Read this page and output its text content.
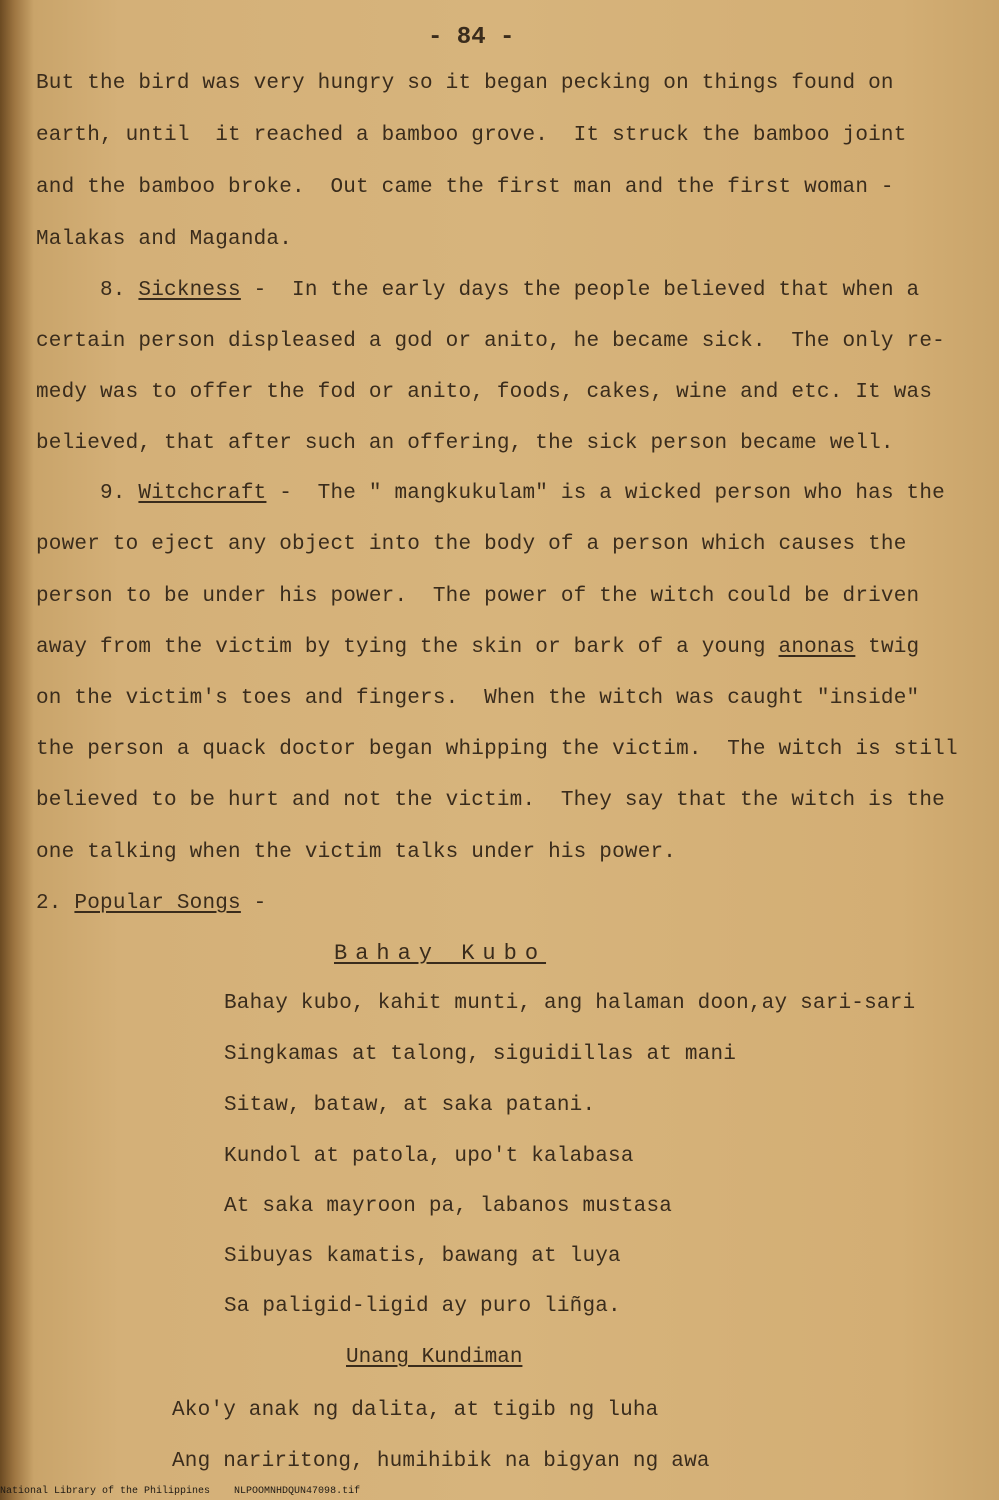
- 84 -
But the bird was very hungry so it began pecking on things found on
earth, until  it reached a bamboo grove.  It struck the bamboo joint
and the bamboo broke.  Out came the first man and the first woman -
Malakas and Maganda.
8. Sickness -  In the early days the people believed that when a
certain person displeased a god or anito, he became sick.  The only re-
medy was to offer the fod or anito, foods, cakes, wine and etc. It was
believed, that after such an offering, the sick person became well.
9. Witchcraft -  The " mangkukulam" is a wicked person who has the
power to eject any object into the body of a person which causes the
person to be under his power.  The power of the witch could be driven
away from the victim by tying the skin or bark of a young anonas twig
on the victim's toes and fingers.  When the witch was caught "inside"
the person a quack doctor began whipping the victim.  The witch is still
believed to be hurt and not the victim.  They say that the witch is the
one talking when the victim talks under his power.
2. Popular Songs -
Bahay Kubo
Bahay kubo, kahit munti, ang halaman doon,ay sari-sari
Singkamas at talong, siguidillas at mani
Sitaw, bataw, at saka patani.
Kundol at patola, upo't kalabasa
At saka mayroon pa, labanos mustasa
Sibuyas kamatis, bawang at luya
Sa paligid-ligid ay puro liñga.
Unang Kundiman
Ako'y anak ng dalita, at tigib ng luha
Ang nariritong, humihibik na bigyan ng awa
National Library of the Philippines NLPOOMNHDQUN47098.tif
